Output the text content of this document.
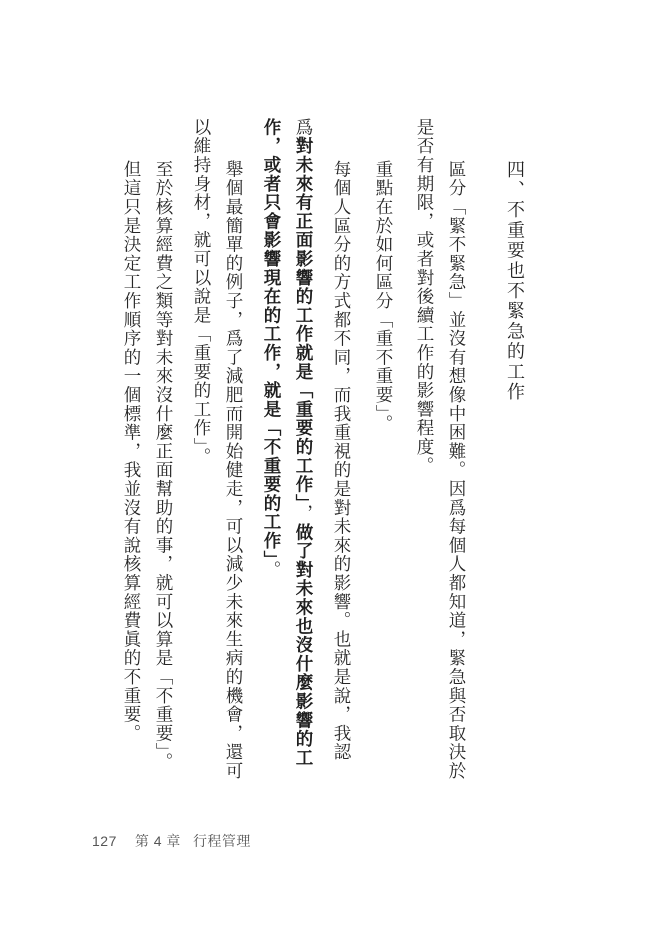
四、不重要也不緊急的工作
區分「緊不緊急」並沒有想像中困難。因爲每個人都知道，緊急與否取決於
是否有期限，或者對後續工作的影響程度。
重點在於如何區分「重不重要」。
每個人區分的方式都不同，而我重視的是對未來的影響。也就是說，我認
爲對未來有正面影響的工作就是「重要的工作」，做了對未來也沒什麼影響的工
作，或者只會影響現在的工作，就是「不重要的工作」。
舉個最簡單的例子，爲了減肥而開始健走，可以減少未來生病的機會，還可
以維持身材，就可以說是「重要的工作」。
至於核算經費之類等對未來沒什麼正面幫助的事，就可以算是「不重要」。
但這只是決定工作順序的一個標準，我並沒有說核算經費眞的不重要。
127 第 4 章 行程管理
